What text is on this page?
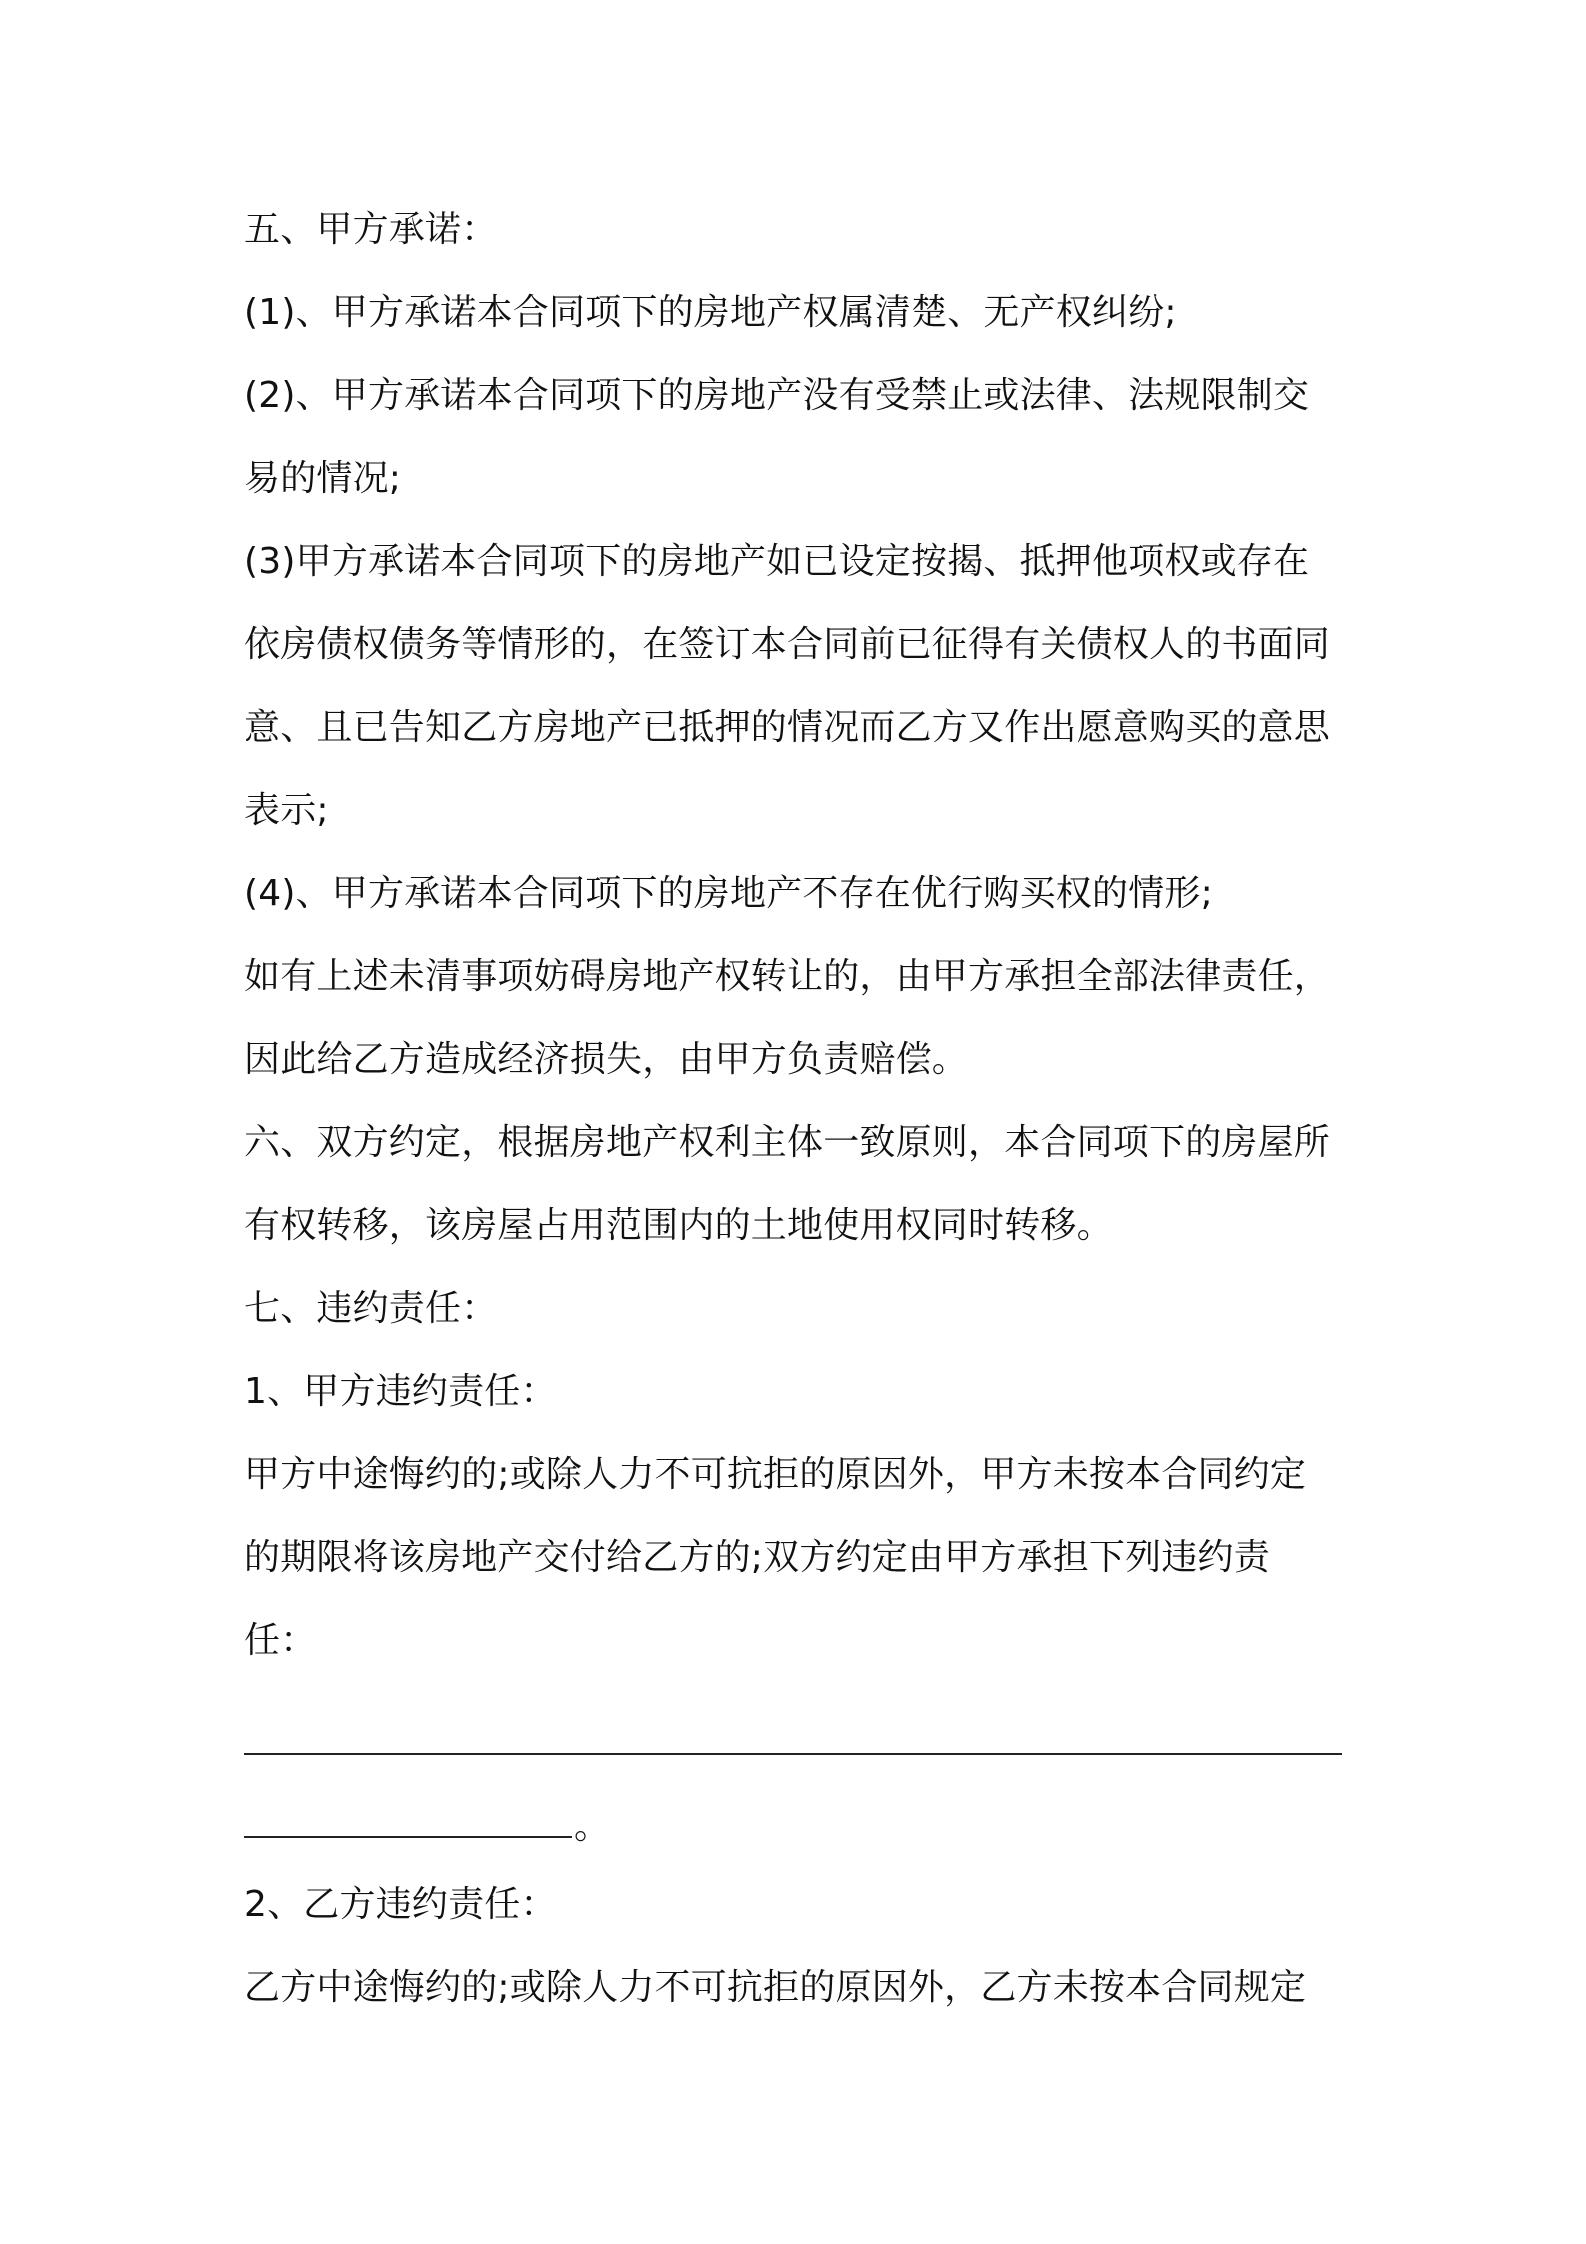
五、甲方承诺：
(1)、甲方承诺本合同项下的房地产权属清楚、无产权纠纷;
(2)、甲方承诺本合同项下的房地产没有受禁止或法律、法规限制交
易的情况;
(3)甲方承诺本合同项下的房地产如已设定按揭、抵押他项权或存在
依房债权债务等情形的，在签订本合同前已征得有关债权人的书面同
意、且已告知乙方房地产已抵押的情况而乙方又作出愿意购买的意思
表示;
(4)、甲方承诺本合同项下的房地产不存在优行购买权的情形;
如有上述未清事项妨碍房地产权转让的，由甲方承担全部法律责任，
因此给乙方造成经济损失，由甲方负责赔偿。
六、双方约定，根据房地产权利主体一致原则，本合同项下的房屋所
有权转移，该房屋占用范围内的土地使用权同时转移。
七、违约责任：
1、甲方违约责任：
甲方中途悔约的;或除人力不可抗拒的原因外，甲方未按本合同约定
的期限将该房地产交付给乙方的;双方约定由甲方承担下列违约责
任：
。
2、乙方违约责任：
乙方中途悔约的;或除人力不可抗拒的原因外，乙方未按本合同规定
